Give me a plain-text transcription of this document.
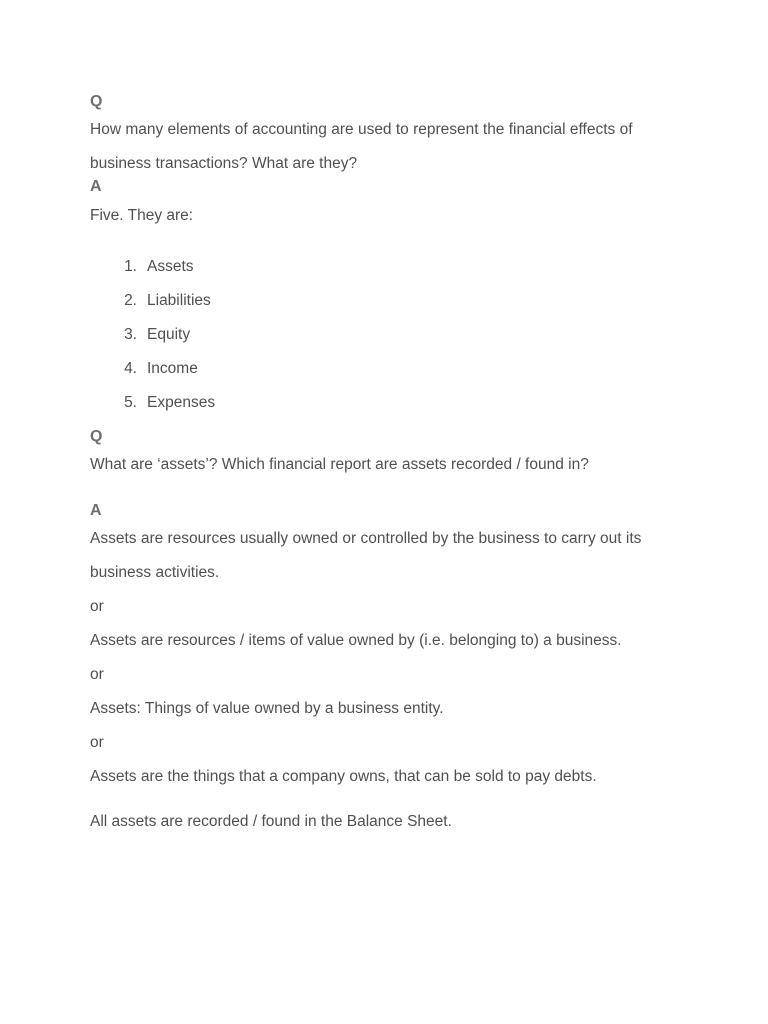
Q

How many elements of accounting are used to represent the financial effects of business transactions? What are they?

A

Five. They are:

1. Assets
2. Liabilities
3. Equity
4. Income
5. Expenses
Q

What are ‘assets’? Which financial report are assets recorded / found in?

A

Assets are resources usually owned or controlled by the business to carry out its business activities.

or

Assets are resources / items of value owned by (i.e. belonging to) a business.

or

Assets: Things of value owned by a business entity.

or

Assets are the things that a company owns, that can be sold to pay debts.

All assets are recorded / found in the Balance Sheet.
